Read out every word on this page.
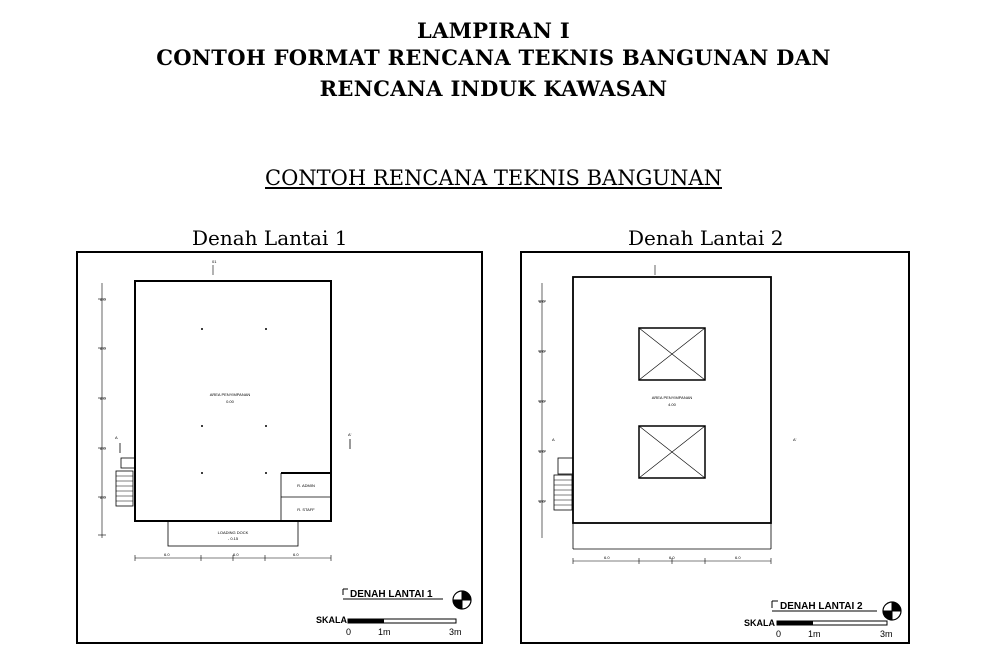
LAMPIRAN I
CONTOH FORMAT RENCANA TEKNIS BANGUNAN DAN
RENCANA INDUK KAWASAN
CONTOH RENCANA TEKNIS BANGUNAN
Denah Lantai 1	Denah Lantai 2
01
6.0
6.0
6.0
6.0
6.0
6.0	6.0	6.0
A
A'
AREA PENYIMPANAN
0.00
R. ADMIN
R. STAFF
LOADING DOCK
- 0.15
DENAH LANTAI 1
SKALA
0	1m	3m
6.0
6.0
6.0
6.0
6.0
6.0	6.0	6.0
A	A'
AREA PENYIMPANAN
4.00
DENAH LANTAI 2
SKALA
0	1m	3m
